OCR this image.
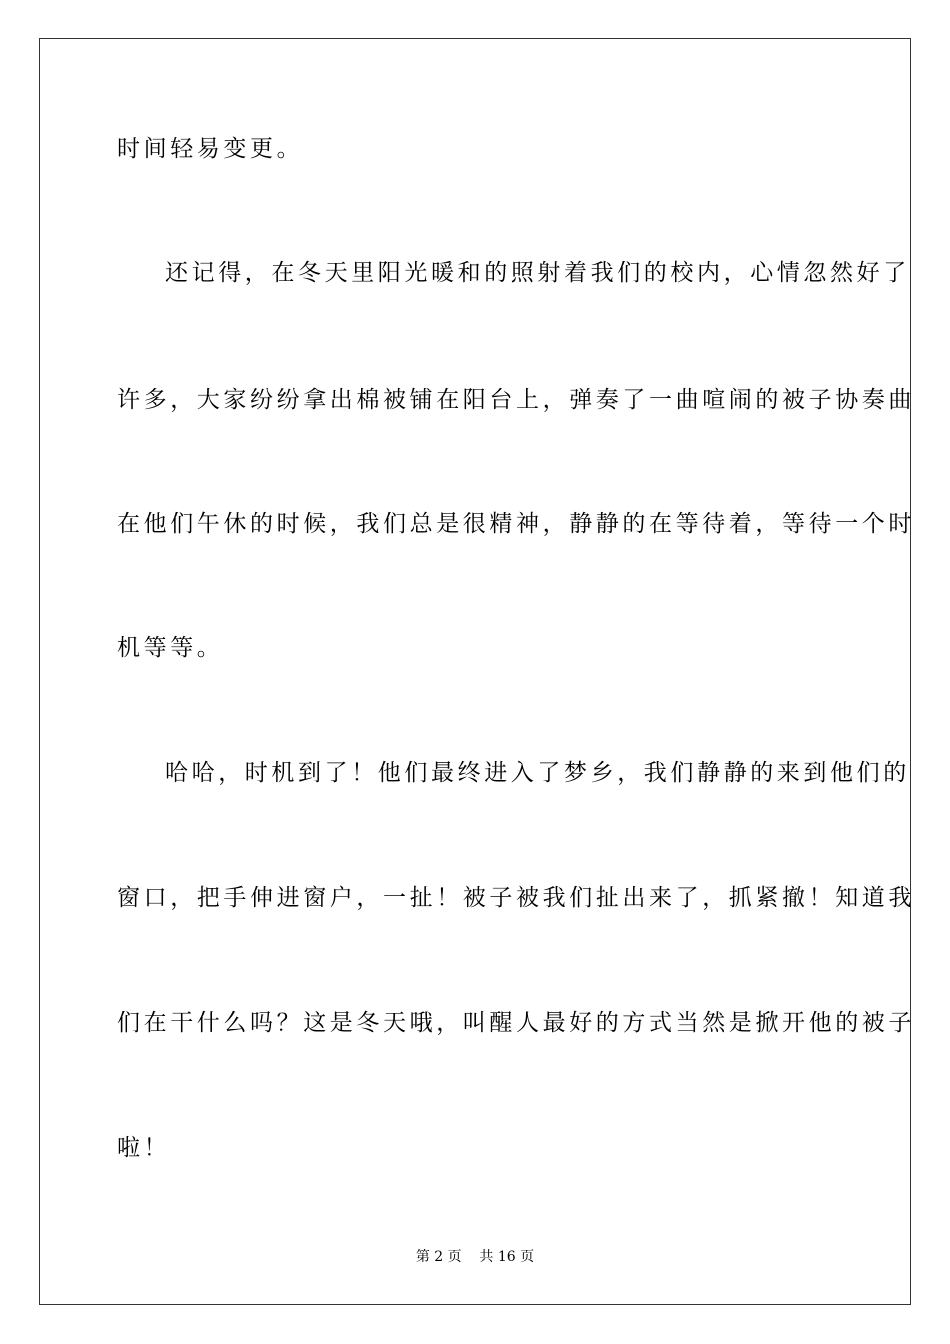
时间轻易变更。
还记得，在冬天里阳光暖和的照射着我们的校内，心情忽然好了
许多，大家纷纷拿出棉被铺在阳台上，弹奏了一曲喧闹的被子协奏曲
在他们午休的时候，我们总是很精神，静静的在等待着，等待一个时
机等等。
哈哈，时机到了！他们最终进入了梦乡，我们静静的来到他们的
窗口，把手伸进窗户，一扯！被子被我们扯出来了，抓紧撤！知道我
们在干什么吗？这是冬天哦，叫醒人最好的方式当然是掀开他的被子
啦！
第 2 页    共 16 页
